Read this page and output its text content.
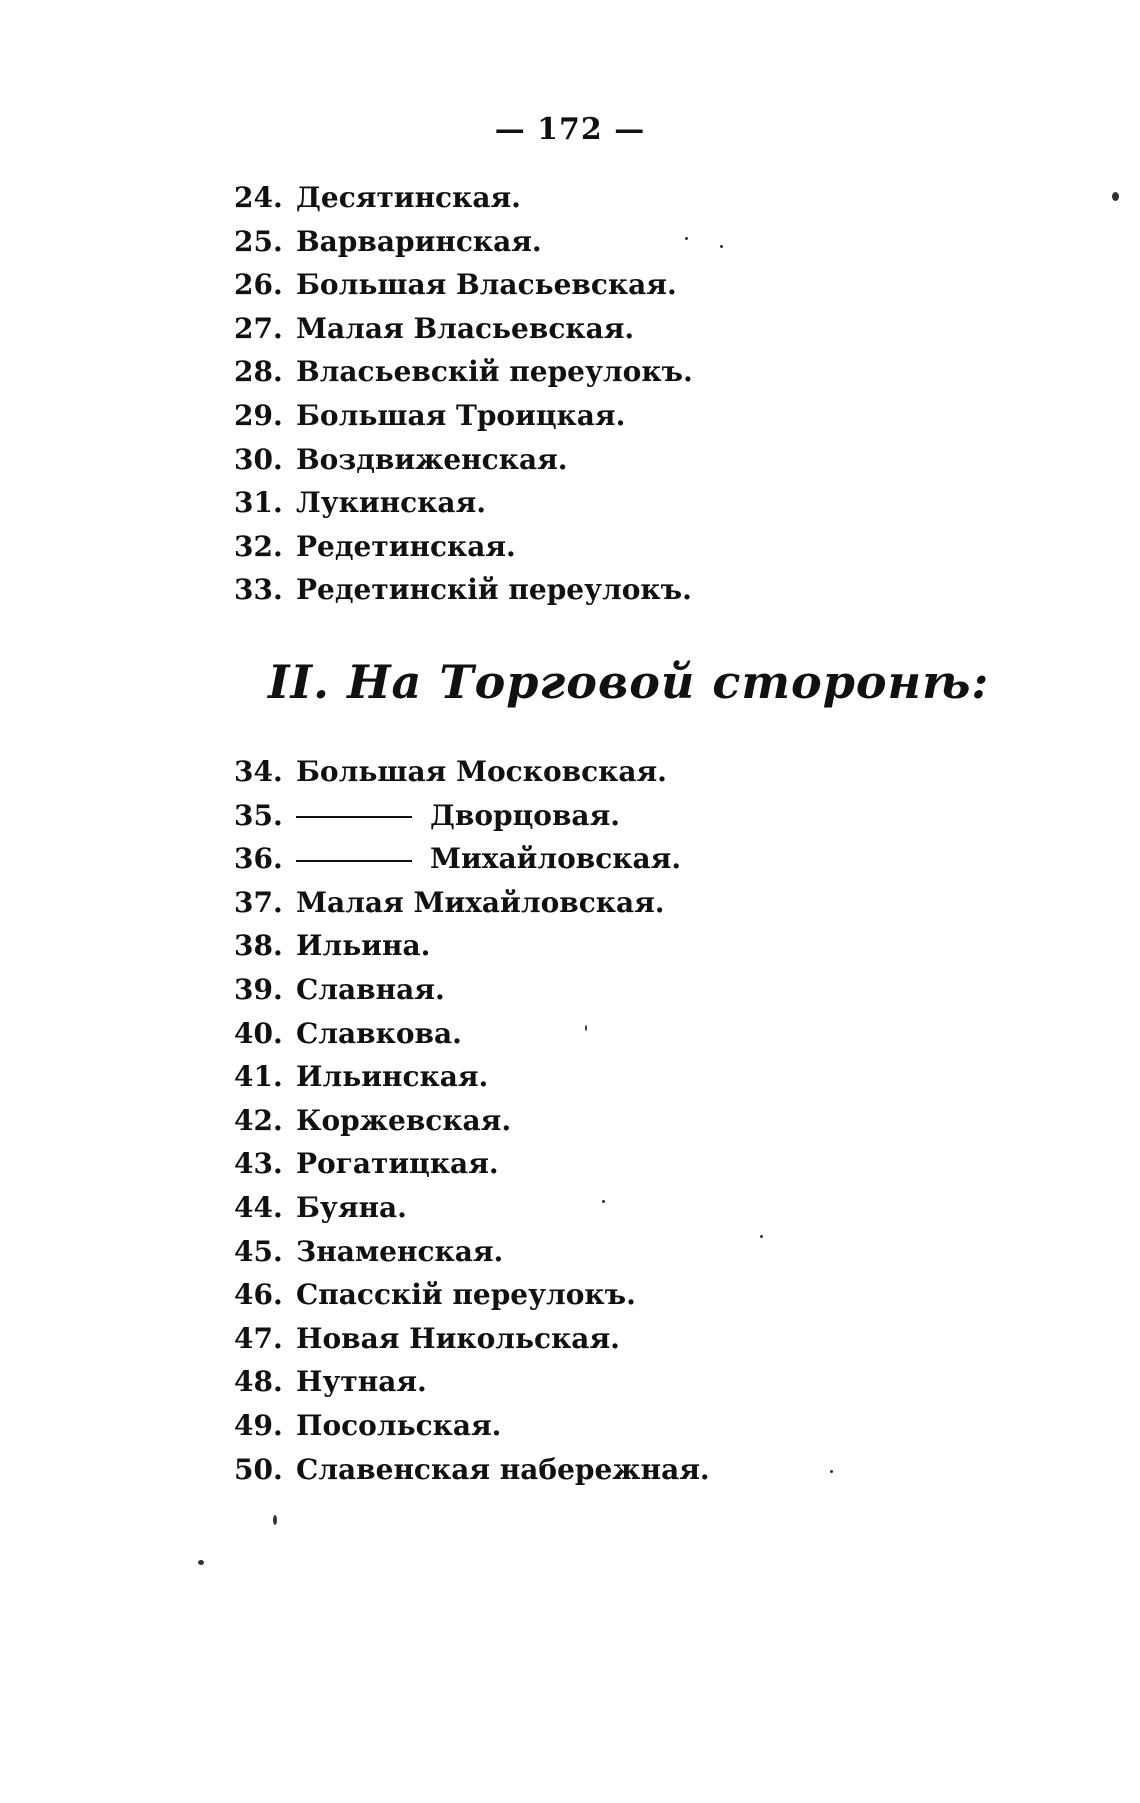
— 172 —
24. Десятинская.
25. Варваринская.
26. Большая Власьевская.
27. Малая Власьевская.
28. Власьевскій переулокъ.
29. Большая Троицкая.
30. Воздвиженская.
31. Лукинская.
32. Редетинская.
33. Редетинскій переулокъ.
II. На Торговой сторонѣ:
34. Большая Московская.
35.	Дворцовая.
36.	Михайловская.
37. Малая Михайловская.
38. Ильина.
39. Славная.
40. Славкова.
41. Ильинская.
42. Коржевская.
43. Рогатицкая.
44. Буяна.
45. Знаменская.
46. Спасскій переулокъ.
47. Новая Никольская.
48. Нутная.
49. Посольская.
50. Славенская набережная.
